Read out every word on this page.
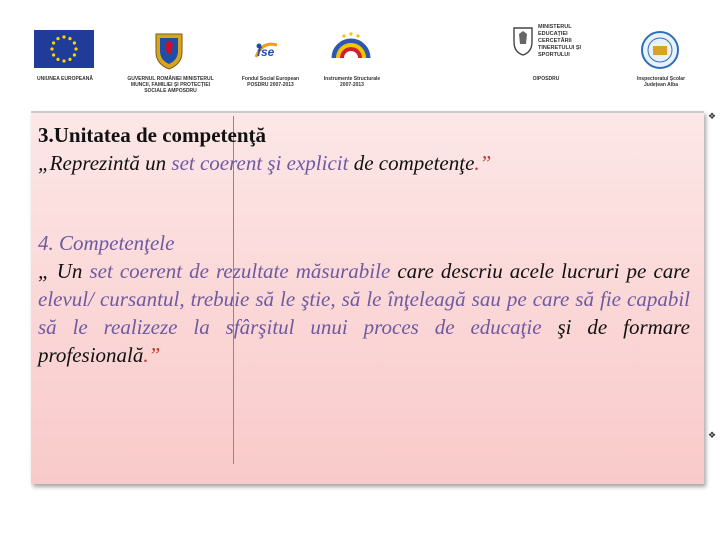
UNIUNEA EUROPEANĂ	GUVERNUL ROMÂNIEI MINISTERUL MUNCII, FAMILIEI ȘI PROTECȚIEI SOCIALE AMPOSDRU
fse
Fondul Social European POSDRU 2007-2013
Instrumente Structurale 2007-2013
MINISTERUL EDUCAȚIEI CERCETĂRII TINERETULUI ȘI SPORTULUI
OIPOSDRU	Inspectoratul Școlar Județean Alba

3.Unitatea de competenţă

„Reprezintă un set coerent şi explicit de competenţe.”

4. Competenţele

„ Un set coerent de rezultate măsurabile care descriu acele lucruri pe care elevul/ cursantul, trebuie să le ştie, să le înţeleagă sau pe care să fie capabil să le realizeze la sfârşitul unui proces de educaţie şi de formare profesională.”

❖
❖
